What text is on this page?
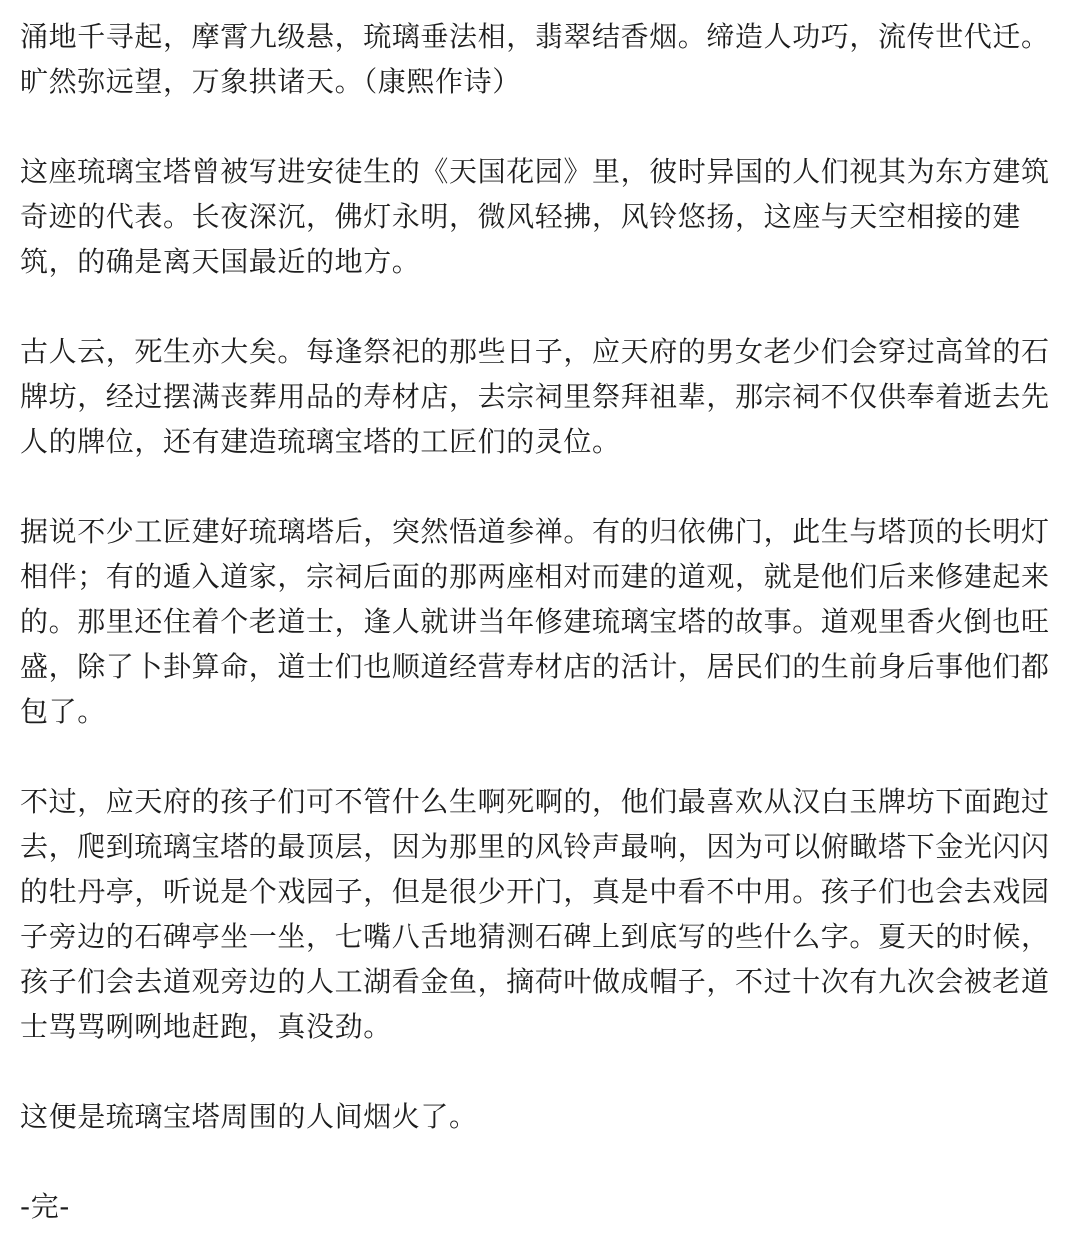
涌地千寻起，摩霄九级悬，琉璃垂法相，翡翠结香烟。缔造人功巧，流传世代迁。旷然弥远望，万象拱诸天。（康熙作诗）

这座琉璃宝塔曾被写进安徒生的《天国花园》里，彼时异国的人们视其为东方建筑奇迹的代表。长夜深沉，佛灯永明，微风轻拂，风铃悠扬，这座与天空相接的建筑，的确是离天国最近的地方。

古人云，死生亦大矣。每逢祭祀的那些日子，应天府的男女老少们会穿过高耸的石牌坊，经过摆满丧葬用品的寿材店，去宗祠里祭拜祖辈，那宗祠不仅供奉着逝去先人的牌位，还有建造琉璃宝塔的工匠们的灵位。

据说不少工匠建好琉璃塔后，突然悟道参禅。有的归依佛门，此生与塔顶的长明灯相伴；有的遁入道家，宗祠后面的那两座相对而建的道观，就是他们后来修建起来的。那里还住着个老道士，逢人就讲当年修建琉璃宝塔的故事。道观里香火倒也旺盛，除了卜卦算命，道士们也顺道经营寿材店的活计，居民们的生前身后事他们都包了。

不过，应天府的孩子们可不管什么生啊死啊的，他们最喜欢从汉白玉牌坊下面跑过去，爬到琉璃宝塔的最顶层，因为那里的风铃声最响，因为可以俯瞰塔下金光闪闪的牡丹亭，听说是个戏园子，但是很少开门，真是中看不中用。孩子们也会去戏园子旁边的石碑亭坐一坐，七嘴八舌地猜测石碑上到底写的些什么字。夏天的时候，孩子们会去道观旁边的人工湖看金鱼，摘荷叶做成帽子，不过十次有九次会被老道士骂骂咧咧地赶跑，真没劲。

这便是琉璃宝塔周围的人间烟火了。

-完-
